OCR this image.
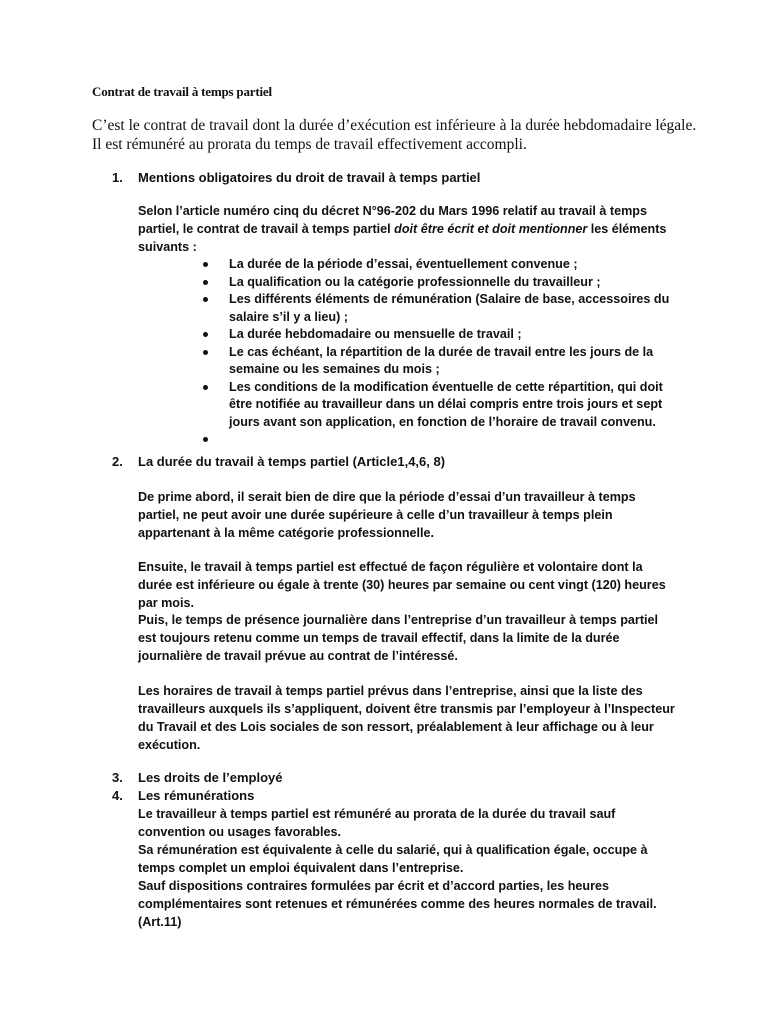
Contrat de travail à temps partiel
C’est le contrat de travail dont la durée d’exécution est inférieure à la durée hebdomadaire légale. Il est rémunéré au prorata du temps de travail effectivement accompli.
1. Mentions obligatoires du droit de travail à temps partiel
Selon l’article numéro cinq du décret N°96-202 du Mars 1996 relatif au travail à temps partiel, le contrat de travail à temps partiel doit être écrit et doit mentionner les éléments suivants :
La durée de la période d’essai, éventuellement convenue ;
La qualification ou la catégorie professionnelle du travailleur ;
Les différents éléments de rémunération (Salaire de base, accessoires du salaire s’il y a lieu) ;
La durée hebdomadaire ou mensuelle de travail ;
Le cas échéant, la répartition de la durée de travail entre les jours de la semaine ou les semaines du mois ;
Les conditions de la modification éventuelle de cette répartition, qui doit être notifiée au travailleur dans un délai compris entre trois jours et sept jours avant son application, en fonction de l’horaire de travail convenu.
2. La durée du travail à temps partiel (Article1,4,6, 8)
De prime abord, il serait bien de dire que la période d’essai d’un travailleur à temps partiel, ne peut avoir une durée supérieure à celle d’un travailleur à temps plein appartenant à la même catégorie professionnelle.
Ensuite, le travail à temps partiel est effectué de façon régulière et volontaire dont la durée est inférieure ou égale à trente (30) heures par semaine ou cent vingt (120) heures par mois.
Puis, le temps de présence journalière dans l’entreprise d’un travailleur à temps partiel est toujours retenu comme un temps de travail effectif, dans la limite de la durée journalière de travail prévue au contrat de l’intéressé.
Les horaires de travail à temps partiel prévus dans l’entreprise, ainsi que la liste des travailleurs auxquels ils s’appliquent, doivent être transmis par l’employeur à l’Inspecteur du Travail et des Lois sociales de son ressort, préalablement à leur affichage ou à leur exécution.
3. Les droits de l’employé
4. Les rémunérations
Le travailleur à temps partiel est rémunéré au prorata de la durée du travail sauf convention ou usages favorables.
Sa rémunération est équivalente à celle du salarié, qui à qualification égale, occupe à temps complet un emploi équivalent dans l’entreprise.
Sauf dispositions contraires formulées par écrit et d’accord parties, les heures complémentaires sont retenues et rémunérées comme des heures normales de travail. (Art.11)
